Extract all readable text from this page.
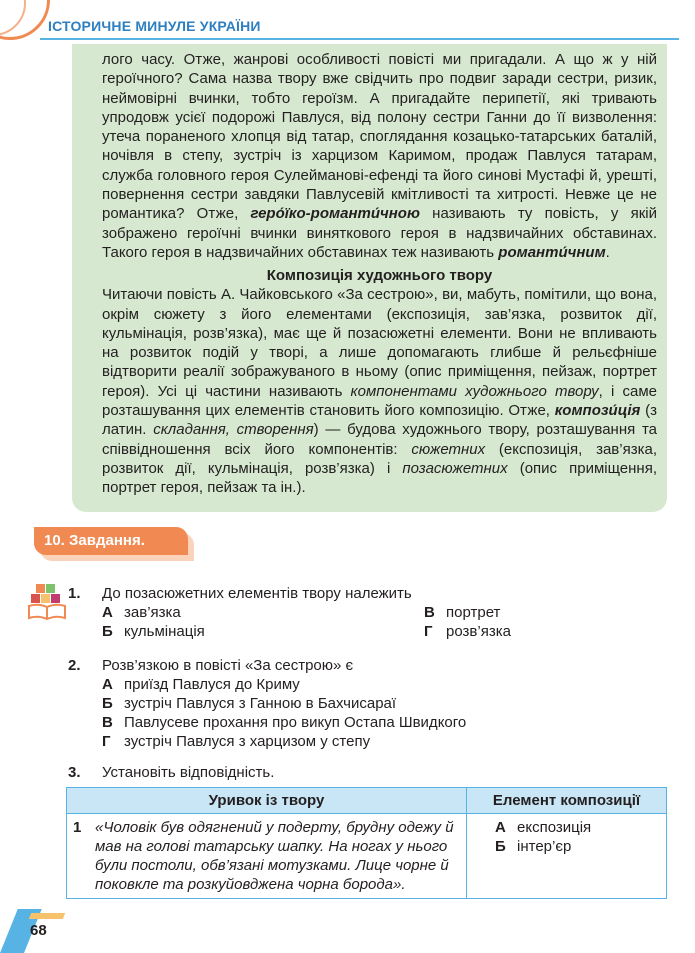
ІСТОРИЧНЕ МИНУЛЕ УКРАЇНИ

лого часу. Отже, жанрові особливості повісті ми пригадали. А що ж у ній героїчного? Сама назва твору вже свідчить про подвиг заради сестри, ризик, неймовірні вчинки, тобто героїзм. А пригадайте перипетії, які тривають упродовж усієї подорожі Павлуся, від полону сестри Ганни до її визволення: утеча пораненого хлопця від татар, споглядання козацько-татарських баталій, ночівля в степу, зустріч із харцизом Каримом, продаж Павлуся татарам, служба головного героя Сулейманові-ефенді та його синові Мустафі й, урешті, повернення сестри завдяки Павлусевій кмітливості та хитрості. Невже це не романтика? Отже, геро́їко-романти́чною називають ту повість, у якій зображено героїчні вчинки виняткового героя в надзвичайних обставинах. Такого героя в надзвичайних обставинах теж називають романти́чним.

Композиція художнього твору

Читаючи повість А. Чайковського «За сестрою», ви, мабуть, помітили, що вона, окрім сюжету з його елементами (експозиція, зав’язка, розвиток дії, кульмінація, розв’язка), має ще й позасюжетні елементи. Вони не впливають на розвиток подій у творі, а лише допомагають глибше й рельєфніше відтворити реалії зображуваного в ньому (опис приміщення, пейзаж, портрет героя). Усі ці частини називають компонентами художнього твору, і саме розташування цих елементів становить його композицію. Отже, компози́ція (з латин. складання, створення) — будова художнього твору, розташування та співвідношення всіх його компонентів: сюжетних (експозиція, зав’язка, розвиток дії, кульмінація, розв’язка) і позасюжетних (опис приміщення, портрет героя, пейзаж та ін.).

10. Завдання.
1. До позасюжетних елементів твору належить
А зав’язка
Б кульмінація
В портрет
Г розв’язка
2. Розв’язкою в повісті «За сестрою» є
А приїзд Павлуся до Криму
Б зустріч Павлуся з Ганною в Бахчисараї
В Павлусеве прохання про викуп Остапа Швидкого
Г зустріч Павлуся з харцизом у степу
3. Установіть відповідність.
Уривок із твору	Елемент композиції
1 «Чоловік був одягнений у подерту, брудну одежу й мав на голові татарську шапку. На ногах у нього були постоли, обв’язані мотузками. Лице чорне й поковкле та розкуйовджена чорна борода».	А експозиція
Б інтер’єр
68
